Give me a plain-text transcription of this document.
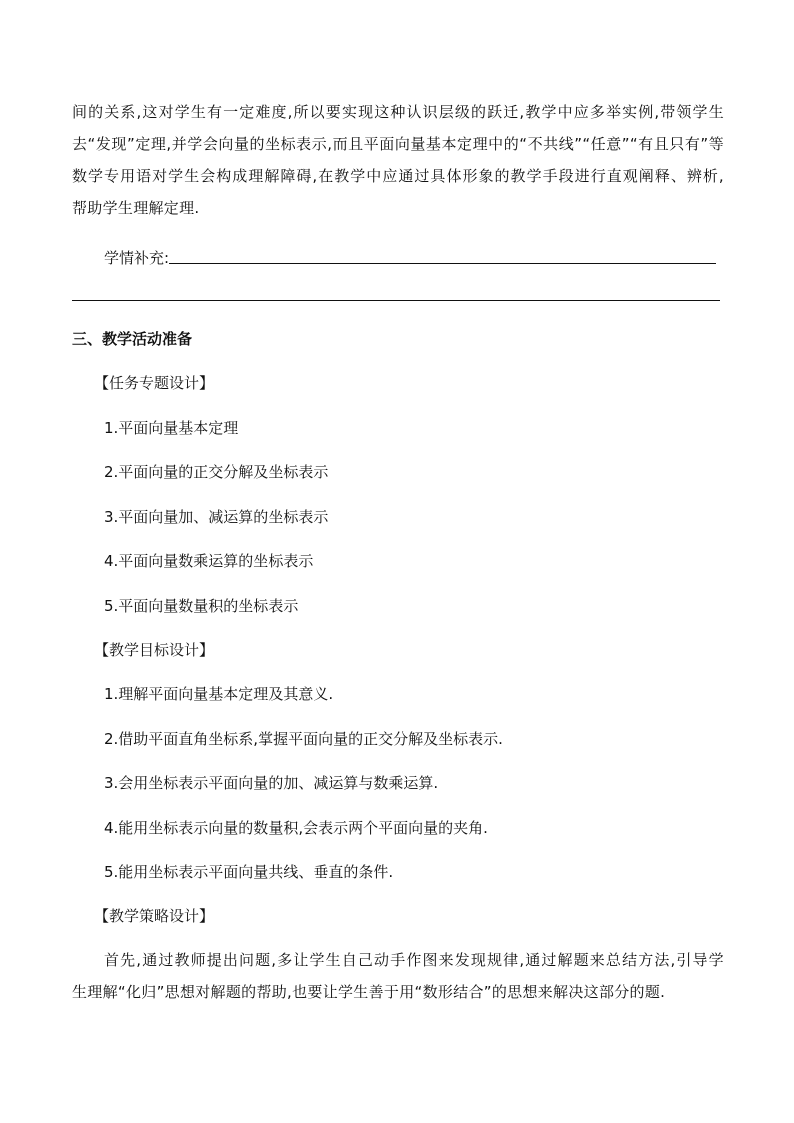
间的关系,这对学生有一定难度,所以要实现这种认识层级的跃迁,教学中应多举实例,带领学生
去“发现”定理,并学会向量的坐标表示,而且平面向量基本定理中的“不共线”“任意”“有且只有”等
数学专用语对学生会构成理解障碍,在教学中应通过具体形象的教学手段进行直观阐释、辨析,
帮助学生理解定理.
学情补充:
三、教学活动准备
【任务专题设计】
1.平面向量基本定理
2.平面向量的正交分解及坐标表示
3.平面向量加、减运算的坐标表示
4.平面向量数乘运算的坐标表示
5.平面向量数量积的坐标表示
【教学目标设计】
1.理解平面向量基本定理及其意义.
2.借助平面直角坐标系,掌握平面向量的正交分解及坐标表示.
3.会用坐标表示平面向量的加、减运算与数乘运算.
4.能用坐标表示向量的数量积,会表示两个平面向量的夹角.
5.能用坐标表示平面向量共线、垂直的条件.
【教学策略设计】
首先,通过教师提出问题,多让学生自己动手作图来发现规律,通过解题来总结方法,引导学
生理解“化归”思想对解题的帮助,也要让学生善于用“数形结合”的思想来解决这部分的题.
